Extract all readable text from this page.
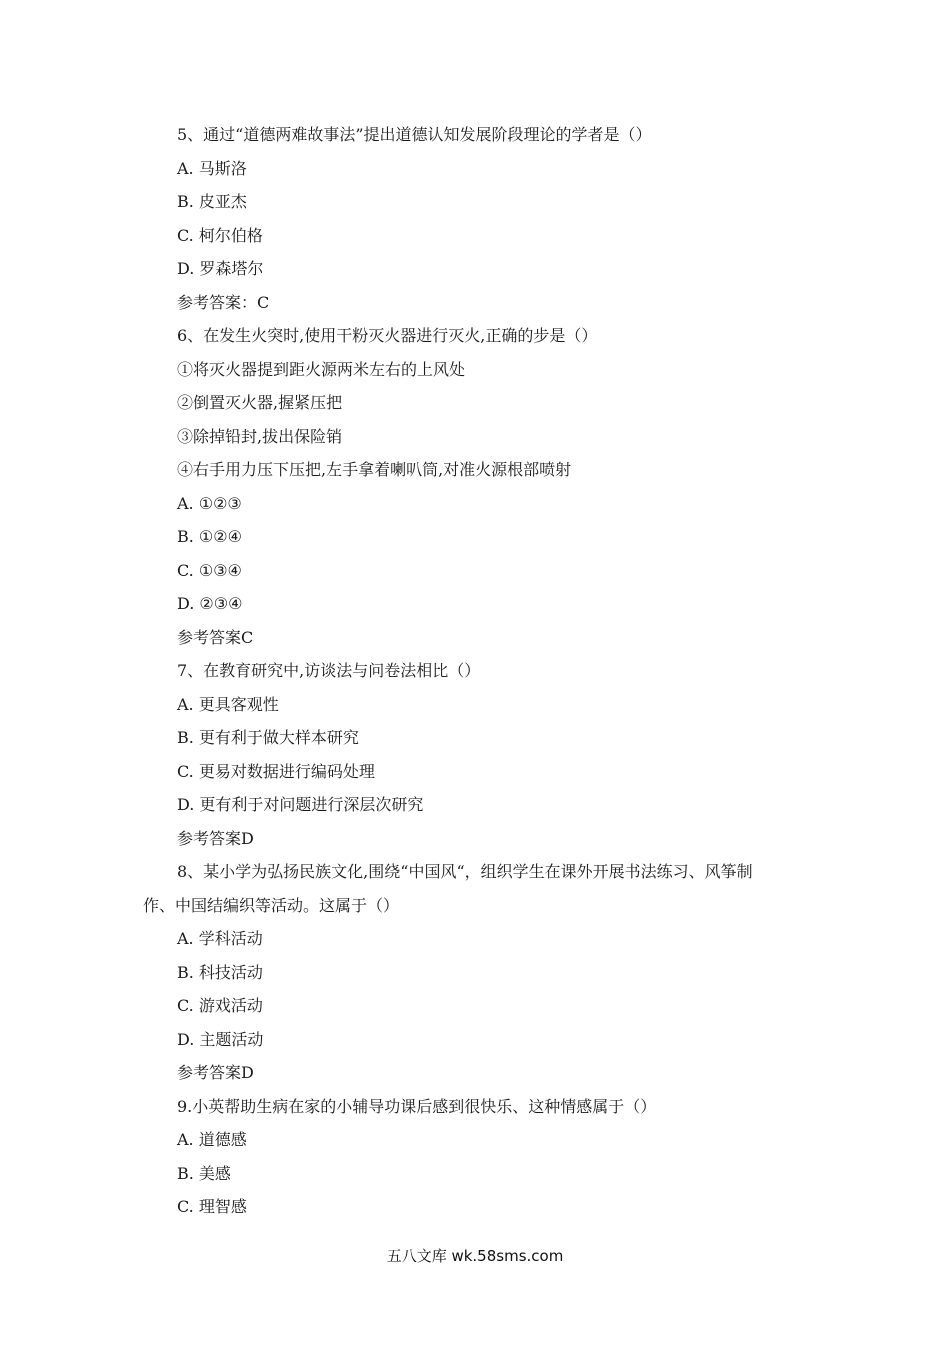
5、通过“道德两难故事法”提出道德认知发展阶段理论的学者是（）
A. 马斯洛
B. 皮亚杰
C. 柯尔伯格
D. 罗森塔尔
参考答案：C
6、在发生火突时,使用干粉灭火器进行灭火,正确的步是（）
①将灭火器提到距火源两米左右的上风处
②倒置灭火器,握紧压把
③除掉铅封,拔出保险销
④右手用力压下压把,左手拿着喇叭筒,对准火源根部喷射
A. ①②③
B. ①②④
C. ①③④
D. ②③④
参考答案C
7、在教育研究中,访谈法与问卷法相比（）
A. 更具客观性
B. 更有利于做大样本研究
C. 更易对数据进行编码处理
D. 更有利于对问题进行深层次研究
参考答案D
8、某小学为弘扬民族文化,围绕“中国风“，组织学生在课外开展书法练习、风筝制
作、中国结编织等活动。这属于（）
A. 学科活动
B. 科技活动
C. 游戏活动
D. 主题活动
参考答案D
9.小英帮助生病在家的小辅导功课后感到很快乐、这种情感属于（）
A. 道德感
B. 美感
C. 理智感
五八文库 wk.58sms.com
